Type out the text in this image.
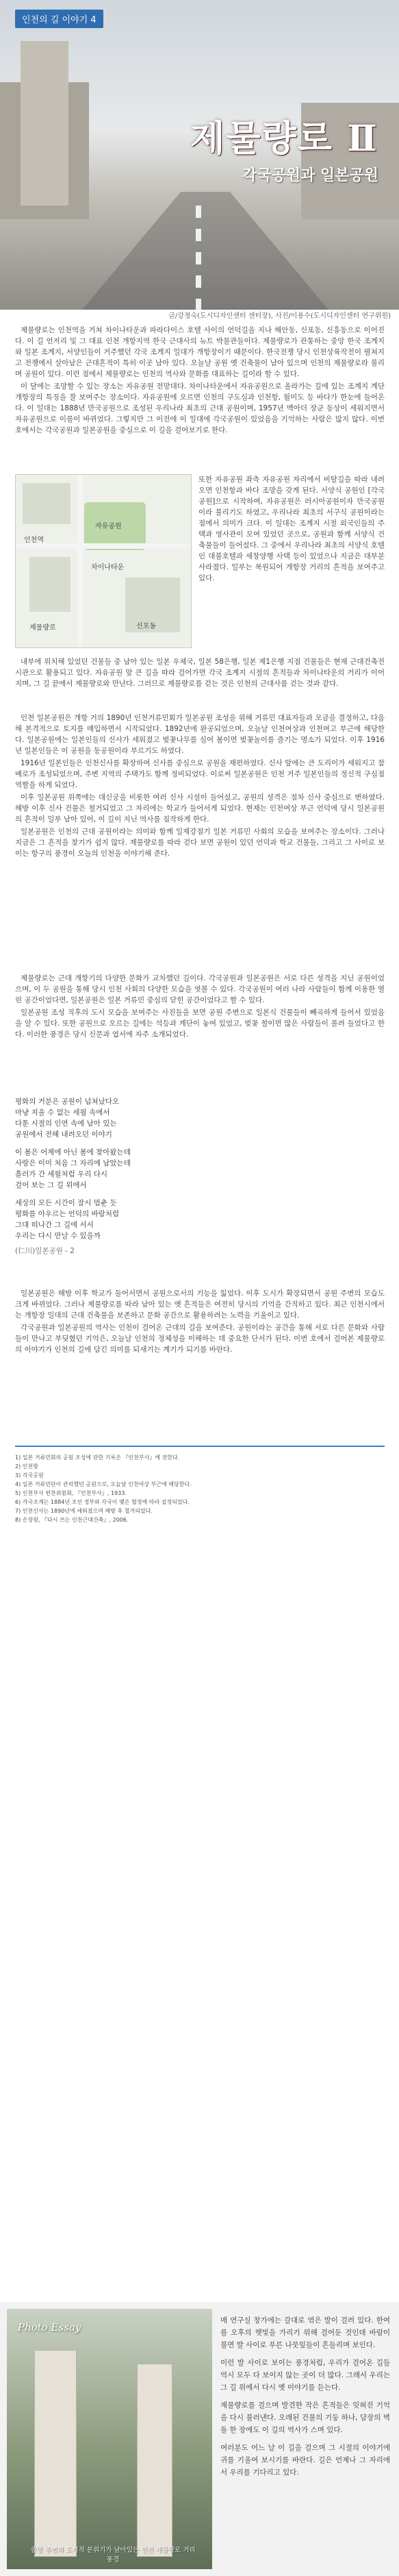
인천의 길 이야기 4
제물량로 Ⅱ
각국공원과 일본공원
글/강정숙(도시디자인센터 센터장), 사진/이용수(도시디자인센터 연구위원)

제물량로는 인천역을 거쳐 차이나타운과 파라다이스 호텔 사이의 언덕길을 지나 해안동, 신포동, 신흥동으로 이어진다. 이 길 언저리 및 그 대표 인천 개항지역 한국 근대사의 뉴트 박물관들이다. 제물량로가 관통하는 중앙 한국 조계지와 일본 조계지, 서양인들이 거주했던 각국 조계지 일대가 개항장이기 때문이다. 한국전쟁 당시 인천상륙작전이 펼쳐지고 전쟁에서 살아남은 근대흔적이 특히 이곳 남아 있다. 오늘날 공원 옛 건축물이 남아 있으며 인천의 제물량로라 불리며 공원이 있다. 이런 점에서 제물량로는 인천의 역사와 문화를 대표하는 길이라 할 수 있다.

이 달에는 조망할 수 있는 장소는 자유공원 전망대다. 차이나타운에서 자유공원으로 올라가는 길에 있는 조계지 계단 개항장의 특징을 잘 보여주는 장소이다. 자유공원에 오르면 인천의 구도심과 인천항, 월미도 등 바다가 한눈에 들어온다. 이 일대는 1888년 만국공원으로 조성된 우리나라 최초의 근대 공원이며, 1957년 맥아더 장군 동상이 세워지면서 자유공원으로 이름이 바뀌었다. 그렇지만 그 이전에 이 일대에 각국공원이 있었음을 기억하는 사람은 많지 않다. 이번 호에서는 각국공원과 일본공원을 중심으로 이 길을 걸어보기로 한다.

자유공원
인천역
차이나타운
신포동
제물량로
또한 자유공원 좌측 자유공원 자리에서 비탈길을 따라 내려오면 인천항과 바다 조망을 갖게 된다. 서양식 공원인 [각국공원]으로 시작하여, 자유공원은 러시아공원이자 만국공원이라 불리기도 하였고, 우리나라 최초의 서구식 공원이라는 점에서 의미가 크다. 이 일대는 조계지 시절 외국인들의 주택과 영사관이 모여 있었던 곳으로, 공원과 함께 서양식 건축물들이 들어섰다. 그 중에서 우리나라 최초의 서양식 호텔인 대불호텔과 세창양행 사택 등이 있었으나 지금은 대부분 사라졌다. 일부는 복원되어 개항장 거리의 흔적을 보여주고 있다.

내부에 위치해 있었던 건물들 중 남아 있는 일본 우체국, 일본 58은행, 일본 제1은행 지점 건물들은 현재 근대건축전시관으로 활용되고 있다. 자유공원 앞 큰 길을 따라 걸어가면 각국 조계지 시절의 흔적들과 차이나타운의 거리가 이어지며, 그 길 끝에서 제물량로와 만난다. 그러므로 제물량로를 걷는 것은 인천의 근대사를 걷는 것과 같다.

인천 일본공원은 개항 거의 1890년 인천거류민회가 일본공원 조성을 위해 거류민 대표자들과 모금을 결정하고, 다음해 본격적으로 토지를 매입하면서 시작되었다. 1892년에 완공되었으며, 오늘날 인천여상과 인천여고 부근에 해당한다. 일본공원에는 일본인들의 신사가 세워졌고 벚꽃나무를 심어 봄이면 벚꽃놀이를 즐기는 명소가 되었다. 이후 1916년 일본인들은 이 공원을 동공원이라 부르기도 하였다.

1916년 일본인들은 인천신사를 확장하여 신사를 중심으로 공원을 재편하였다. 신사 앞에는 큰 도리이가 세워지고 참배로가 조성되었으며, 주변 지역의 주택가도 함께 정비되었다. 이로써 일본공원은 인천 거주 일본인들의 정신적 구심점 역할을 하게 되었다.

이후 일본공원 위쪽에는 대신궁을 비롯한 여러 신사 시설이 들어섰고, 공원의 성격은 점차 신사 중심으로 변하였다. 해방 이후 신사 건물은 철거되었고 그 자리에는 학교가 들어서게 되었다. 현재는 인천여상 부근 언덕에 당시 일본공원의 흔적이 일부 남아 있어, 이 길이 지닌 역사를 짐작하게 한다.

일본공원은 인천의 근대 공원이라는 의미와 함께 일제강점기 일본 거류민 사회의 모습을 보여주는 장소이다. 그러나 지금은 그 흔적을 찾기가 쉽지 않다. 제물량로를 따라 걷다 보면 공원이 있던 언덕과 학교 건물들, 그리고 그 사이로 보이는 항구의 풍경이 오늘의 인천을 이야기해 준다.

제물량로는 근대 개항기의 다양한 문화가 교차했던 길이다. 각국공원과 일본공원은 서로 다른 성격을 지닌 공원이었으며, 이 두 공원을 통해 당시 인천 사회의 다양한 모습을 엿볼 수 있다. 각국공원이 여러 나라 사람들이 함께 이용한 열린 공간이었다면, 일본공원은 일본 거류민 중심의 닫힌 공간이었다고 할 수 있다.

일본공원 조성 직후의 도시 모습을 보여주는 사진들을 보면 공원 주변으로 일본식 건물들이 빼곡하게 들어서 있었음을 알 수 있다. 또한 공원으로 오르는 길에는 석등과 계단이 놓여 있었고, 벚꽃 철이면 많은 사람들이 몰려 들었다고 한다. 이러한 풍경은 당시 신문과 엽서에 자주 소개되었다.

평화의 거분은 공원이 넘쳐났다오
마냥 지울 수 없는 세월 속에서
다툰 시절의 인연 속에 남아 있는
공원에서 전해 내려오던 이야기
이 봄은 어제에 아닌 봄에 찾아왔는데
사랑은 이미 처음 그 자리에 남았는데
흘러가 간 세월처럼 우리 다시
걸어 보는 그 길 위에서
세상의 모든 시간이 잠시 멈춘 듯
평화를 아우르는 언덕의 바람처럼
그대 떠나간 그 길에 서서
우리는 다시 만날 수 있을까
(仁川)일본공원 - 2

일본공원은 해방 이후 학교가 들어서면서 공원으로서의 기능을 잃었다. 이후 도시가 확장되면서 공원 주변의 모습도 크게 바뀌었다. 그러나 제물량로를 따라 남아 있는 옛 흔적들은 여전히 당시의 기억을 간직하고 있다. 최근 인천시에서는 개항장 일대의 근대 건축물을 보존하고 문화 공간으로 활용하려는 노력을 기울이고 있다.

각국공원과 일본공원의 역사는 인천이 걸어온 근대의 길을 보여준다. 공원이라는 공간을 통해 서로 다른 문화와 사람들이 만나고 부딪혔던 기억은, 오늘날 인천의 정체성을 이해하는 데 중요한 단서가 된다. 이번 호에서 걸어본 제물량로의 이야기가 인천의 길에 담긴 의미를 되새기는 계기가 되기를 바란다.

1) 일본 거류민회의 공원 조성에 관한 기록은 『인천부사』에 전한다.
2) 인천항
3) 각국공원
4) 일본 거류민단이 관리했던 공원으로, 오늘날 인천여상 부근에 해당한다.
5) 인천부사 편찬위원회, 『인천부사』, 1933.
6) 각국조계는 1884년 조선 정부와 각국이 맺은 협정에 따라 설정되었다.
7) 인천신사는 1890년에 세워졌으며 해방 후 철거되었다.
8) 손장원, 『다시 쓰는 인천근대건축』, 2006.
Photo Essay
중앙 주변의 도시적 분위기가 남아있는 인천 제물량로 거리 풍경

매 연구실 창가에는 갈대로 엮은 발이 걸려 있다. 한여름 오후의 햇빛을 가리기 위해 걸어둔 것인데 바람이 불면 발 사이로 푸른 나뭇잎들이 흔들리며 보인다.

이런 발 사이로 보이는 풍경처럼, 우리가 걸어온 길들 역시 모두 다 보이지 않는 곳이 더 많다. 그래서 우리는 그 길 위에서 다시 옛 이야기를 듣는다.

제물량로를 걸으며 발견한 작은 흔적들은 잊혀진 기억을 다시 불러낸다. 오래된 건물의 기둥 하나, 담장의 벽돌 한 장에도 이 길의 역사가 스며 있다.

여러분도 어느 날 이 길을 걸으며 그 시절의 이야기에 귀를 기울여 보시기를 바란다. 길은 언제나 그 자리에서 우리를 기다리고 있다.
